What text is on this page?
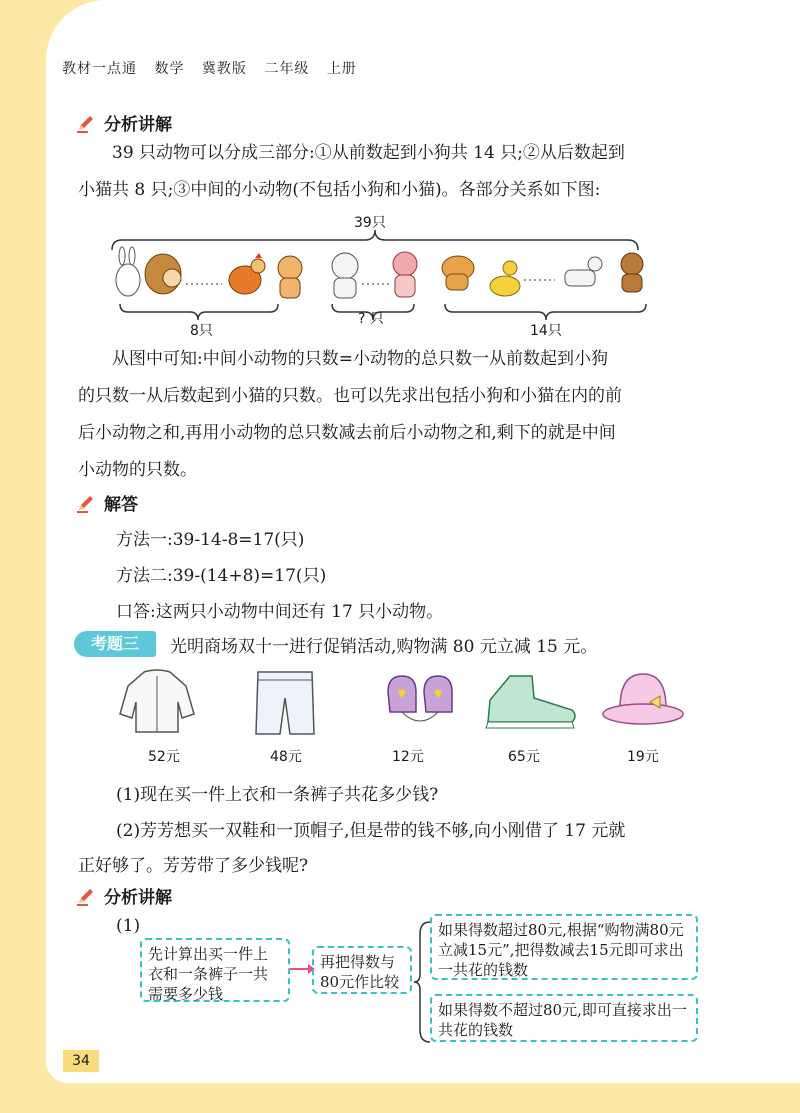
教材一点通 数学 冀教版 二年级 上册
分析讲解

39 只动物可以分成三部分:①从前数起到小狗共 14 只;②从后数起到

小猫共 8 只;③中间的小动物(不包括小狗和小猫)。各部分关系如下图:

39只
8只
? 只
14只

从图中可知:中间小动物的只数=小动物的总只数一从前数起到小狗

的只数一从后数起到小猫的只数。也可以先求出包括小狗和小猫在内的前

后小动物之和,再用小动物的总只数减去前后小动物之和,剩下的就是中间

小动物的只数。

解答
方法一:39-14-8=17(只)
方法二:39-(14+8)=17(只)
口答:这两只小动物中间还有 17 只小动物。
考题三	光明商场双十一进行促销活动,购物满 80 元立减 15 元。
52元	48元	12元	65元	19元
(1)现在买一件上衣和一条裤子共花多少钱?
(2)芳芳想买一双鞋和一顶帽子,但是带的钱不够,向小刚借了 17 元就
正好够了。芳芳带了多少钱呢?
分析讲解
(1)
先计算出买一件上衣和一条裤子一共需要多少钱
再把得数与80元作比较
如果得数超过80元,根据“购物满80元立减15元”,把得数减去15元即可求出一共花的钱数
如果得数不超过80元,即可直接求出一共花的钱数
34
